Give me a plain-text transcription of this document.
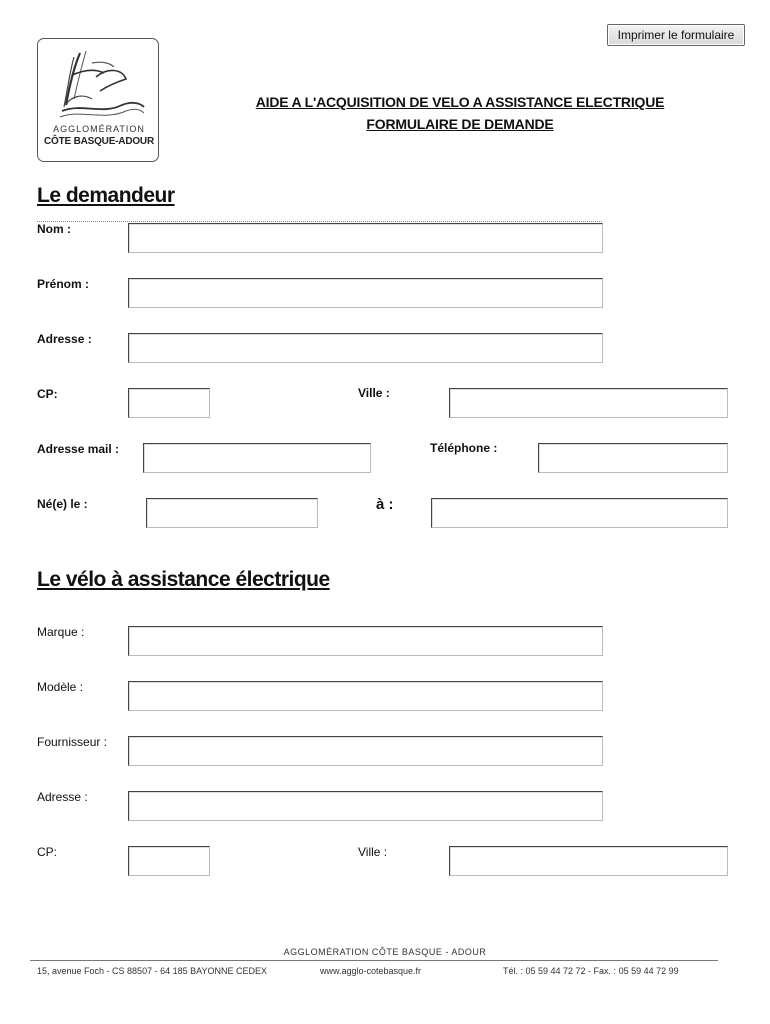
Imprimer le formulaire
AGGLOMÉRATION
CÔTE BASQUE-ADOUR
AIDE A L'ACQUISITION DE VELO A ASSISTANCE ELECTRIQUE
FORMULAIRE DE DEMANDE
Le demandeur
Nom :
Prénom :
Adresse :
CP:	Ville :
Adresse mail :	Téléphone :
Né(e) le :	à :
Le vélo à assistance électrique
Marque :
Modèle :
Fournisseur :
Adresse :
CP:	Ville :
AGGLOMÉRATION CÔTE BASQUE - ADOUR
15, avenue Foch - CS 88507 - 64 185 BAYONNE CEDEX	www.agglo-cotebasque.fr	Tél. : 05 59 44 72 72 - Fax. : 05 59 44 72 99
